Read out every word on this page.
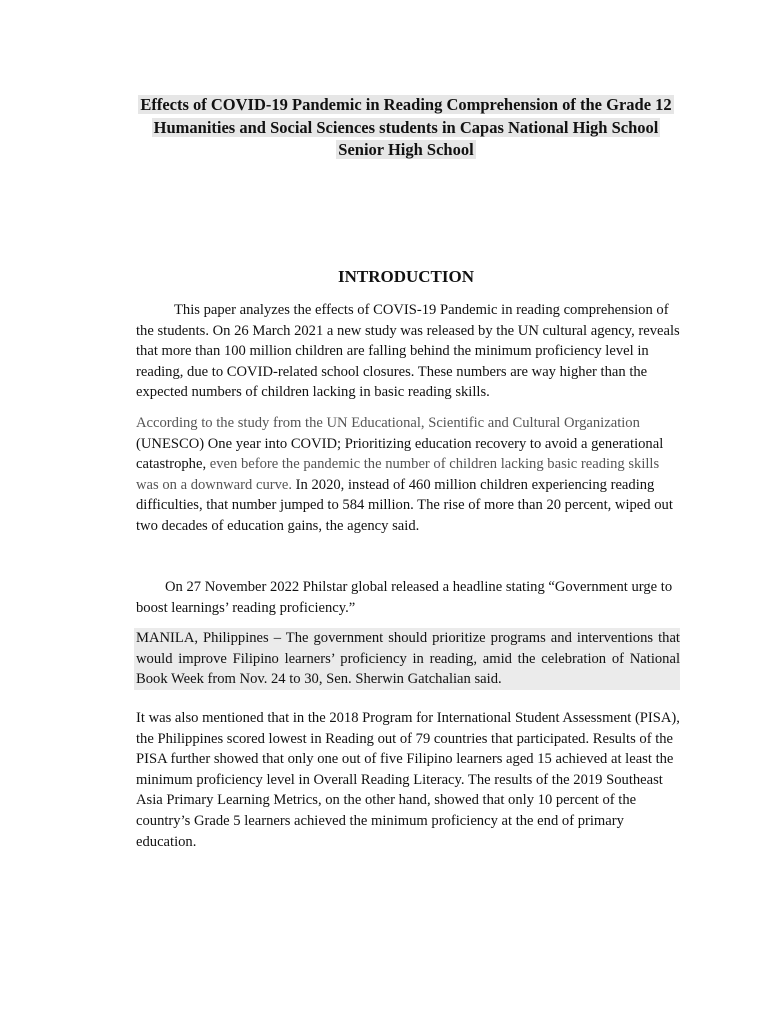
Effects of COVID-19 Pandemic in Reading Comprehension of the Grade 12 Humanities and Social Sciences students in Capas National High School Senior High School
INTRODUCTION

This paper analyzes the effects of COVIS-19 Pandemic in reading comprehension of the students. On 26 March 2021 a new study was released by the UN cultural agency, reveals that more than 100 million children are falling behind the minimum proficiency level in reading, due to COVID-related school closures. These numbers are way higher than the expected numbers of children lacking in basic reading skills.

According to the study from the UN Educational, Scientific and Cultural Organization (UNESCO) One year into COVID; Prioritizing education recovery to avoid a generational catastrophe, even before the pandemic the number of children lacking basic reading skills was on a downward curve. In 2020, instead of 460 million children experiencing reading difficulties, that number jumped to 584 million. The rise of more than 20 percent, wiped out two decades of education gains, the agency said.

On 27 November 2022 Philstar global released a headline stating “Government urge to boost learnings’ reading proficiency.”

MANILA, Philippines – The government should prioritize programs and interventions that would improve Filipino learners’ proficiency in reading, amid the celebration of National Book Week from Nov. 24 to 30, Sen. Sherwin Gatchalian said.

It was also mentioned that in the 2018 Program for International Student Assessment (PISA), the Philippines scored lowest in Reading out of 79 countries that participated. Results of the PISA further showed that only one out of five Filipino learners aged 15 achieved at least the minimum proficiency level in Overall Reading Literacy. The results of the 2019 Southeast Asia Primary Learning Metrics, on the other hand, showed that only 10 percent of the country’s Grade 5 learners achieved the minimum proficiency at the end of primary education.
